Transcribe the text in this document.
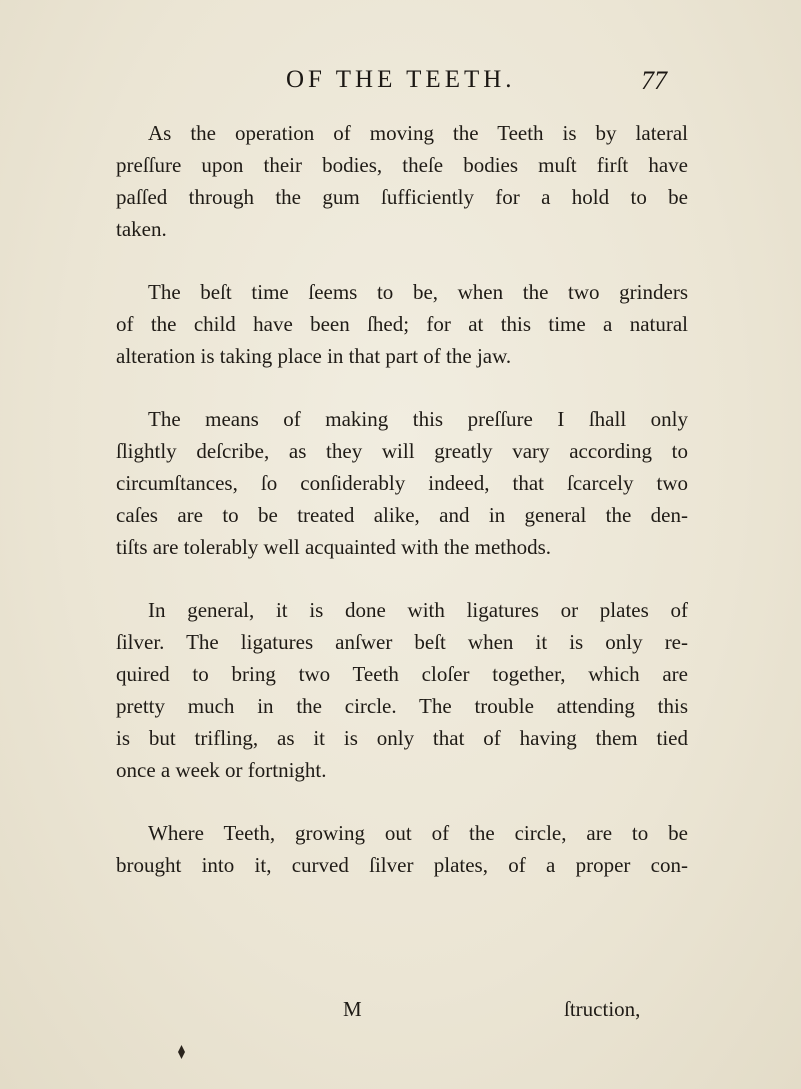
OF THE TEETH.	77

As the operation of moving the Teeth is by lateral
preſſure upon their bodies, theſe bodies muſt firſt have
paſſed through the gum ſufficiently for a hold to be
taken.

The beſt time ſeems to be, when the two grinders
of the child have been ſhed; for at this time a natural
alteration is taking place in that part of the jaw.

The means of making this preſſure I ſhall only
ſlightly deſcribe, as they will greatly vary according to
circumſtances, ſo conſiderably indeed, that ſcarcely two
caſes are to be treated alike, and in general the den-
tiſts are tolerably well acquainted with the methods.

In general, it is done with ligatures or plates of
ſilver. The ligatures anſwer beſt when it is only re-
quired to bring two Teeth cloſer together, which are
pretty much in the circle. The trouble attending this
is but trifling, as it is only that of having them tied
once a week or fortnight.

Where Teeth, growing out of the circle, are to be
brought into it, curved ſilver plates, of a proper con-

M	ſtruction,
